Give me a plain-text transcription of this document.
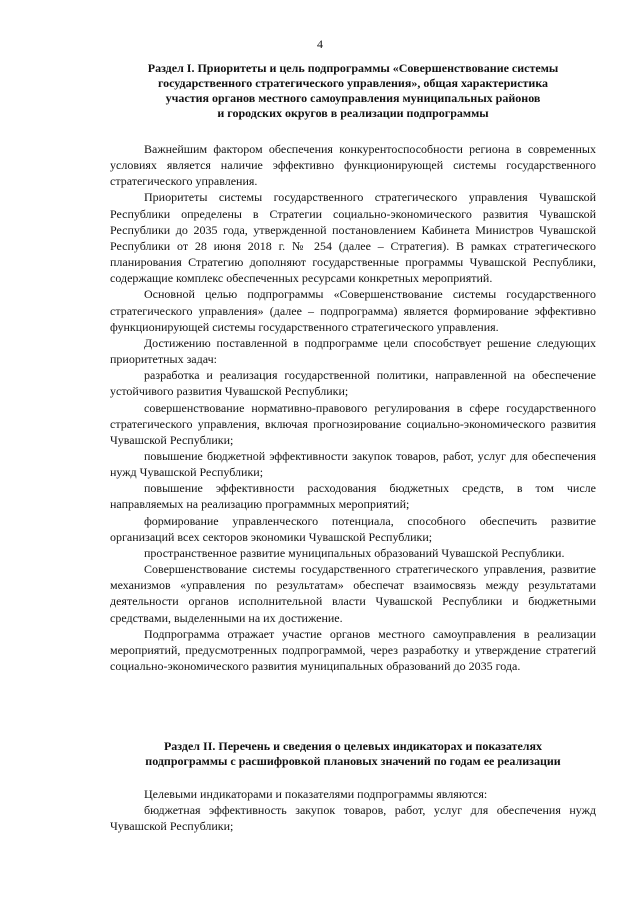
4
Раздел I. Приоритеты и цель подпрограммы «Совершенствование системы
государственного стратегического управления», общая характеристика
участия органов местного самоуправления муниципальных районов
и городских округов в реализации подпрограммы

Важнейшим фактором обеспечения конкурентоспособности региона в современных условиях является наличие эффективно функционирующей системы государственного стратегического управления.

Приоритеты системы государственного стратегического управления Чувашской Республики определены в Стратегии социально-экономического развития Чувашской Республики до 2035 года, утвержденной постановлением Кабинета Министров Чувашской Республики от 28 июня 2018 г. № 254 (далее – Стратегия). В рамках стратегического планирования Стратегию дополняют государственные программы Чувашской Республики, содержащие комплекс обеспеченных ресурсами конкретных мероприятий.

Основной целью подпрограммы «Совершенствование системы государственного стратегического управления» (далее – подпрограмма) является формирование эффективно функционирующей системы государственного стратегического управления.

Достижению поставленной в подпрограмме цели способствует решение следующих приоритетных задач:

разработка и реализация государственной политики, направленной на обеспечение устойчивого развития Чувашской Республики;

совершенствование нормативно-правового регулирования в сфере государственного стратегического управления, включая прогнозирование социально-экономического развития Чувашской Республики;

повышение бюджетной эффективности закупок товаров, работ, услуг для обеспечения нужд Чувашской Республики;

повышение эффективности расходования бюджетных средств, в том числе направляемых на реализацию программных мероприятий;

формирование управленческого потенциала, способного обеспечить развитие организаций всех секторов экономики Чувашской Республики;

пространственное развитие муниципальных образований Чувашской Республики.

Совершенствование системы государственного стратегического управления, развитие механизмов «управления по результатам» обеспечат взаимосвязь между результатами деятельности органов исполнительной власти Чувашской Республики и бюджетными средствами, выделенными на их достижение.

Подпрограмма отражает участие органов местного самоуправления в реализации мероприятий, предусмотренных подпрограммой, через разработку и утверждение стратегий социально-экономического развития муниципальных образований до 2035 года.

Раздел II. Перечень и сведения о целевых индикаторах и показателях
подпрограммы с расшифровкой плановых значений по годам ее реализации

Целевыми индикаторами и показателями подпрограммы являются:

бюджетная эффективность закупок товаров, работ, услуг для обеспечения нужд Чувашской Республики;
